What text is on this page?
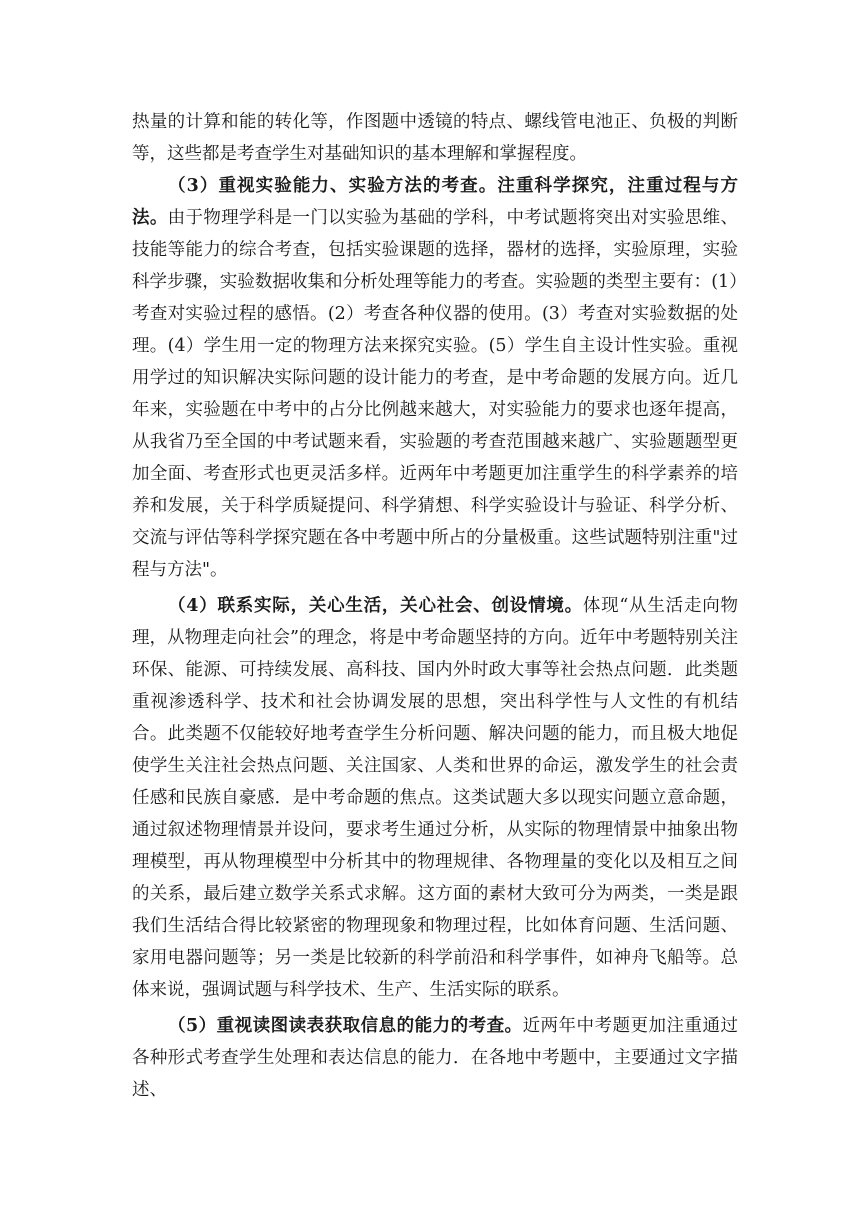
热量的计算和能的转化等，作图题中透镜的特点、螺线管电池正、负极的判断等，这些都是考查学生对基础知识的基本理解和掌握程度。

（3）重视实验能力、实验方法的考查。注重科学探究，注重过程与方法。由于物理学科是一门以实验为基础的学科，中考试题将突出对实验思维、技能等能力的综合考查，包括实验课题的选择，器材的选择，实验原理，实验科学步骤，实验数据收集和分析处理等能力的考查。实验题的类型主要有：(1）考查对实验过程的感悟。(2）考查各种仪器的使用。(3）考查对实验数据的处理。(4）学生用一定的物理方法来探究实验。(5）学生自主设计性实验。重视用学过的知识解决实际问题的设计能力的考查，是中考命题的发展方向。近几年来，实验题在中考中的占分比例越来越大，对实验能力的要求也逐年提高，从我省乃至全国的中考试题来看，实验题的考查范围越来越广、实验题题型更加全面、考查形式也更灵活多样。近两年中考题更加注重学生的科学素养的培养和发展，关于科学质疑提问、科学猜想、科学实验设计与验证、科学分析、交流与评估等科学探究题在各中考题中所占的分量极重。这些试题特别注重"过程与方法"。

（4）联系实际，关心生活，关心社会、创设情境。体现“从生活走向物理，从物理走向社会”的理念，将是中考命题坚持的方向。近年中考题特别关注环保、能源、可持续发展、高科技、国内外时政大事等社会热点问题．此类题重视渗透科学、技术和社会协调发展的思想，突出科学性与人文性的有机结合。此类题不仅能较好地考查学生分析问题、解决问题的能力，而且极大地促使学生关注社会热点问题、关注国家、人类和世界的命运，激发学生的社会责任感和民族自豪感．是中考命题的焦点。这类试题大多以现实问题立意命题，通过叙述物理情景并设问，要求考生通过分析，从实际的物理情景中抽象出物理模型，再从物理模型中分析其中的物理规律、各物理量的变化以及相互之间的关系，最后建立数学关系式求解。这方面的素材大致可分为两类，一类是跟我们生活结合得比较紧密的物理现象和物理过程，比如体育问题、生活问题、家用电器问题等；另一类是比较新的科学前沿和科学事件，如神舟飞船等。总体来说，强调试题与科学技术、生产、生活实际的联系。

（5）重视读图读表获取信息的能力的考查。近两年中考题更加注重通过各种形式考查学生处理和表达信息的能力．在各地中考题中，主要通过文字描述、
